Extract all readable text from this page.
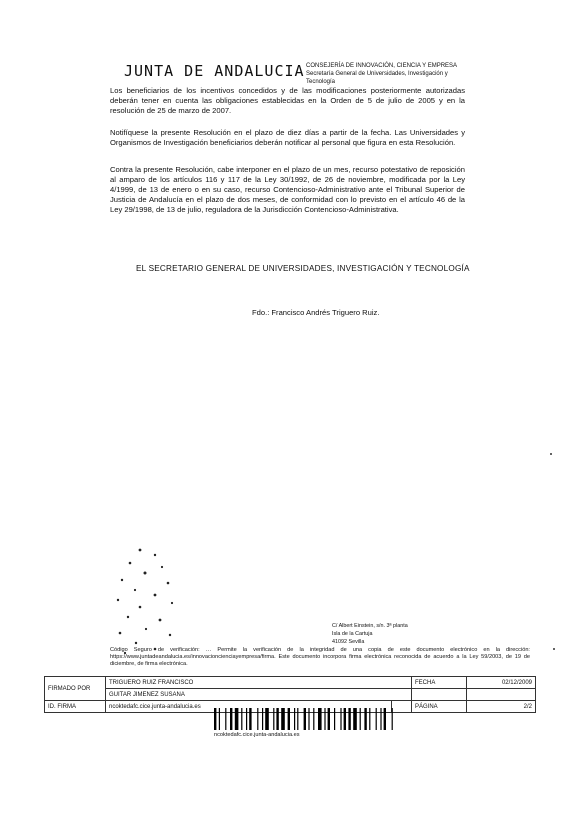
JUNTA DE ANDALUCIA CONSEJERÍA DE INNOVACIÓN, CIENCIA Y EMPRESA
Secretaría General de Universidades, Investigación y
Tecnología

Los beneficiarios de los incentivos concedidos y de las modificaciones posteriormente autorizadas deberán tener en cuenta las obligaciones establecidas en la Orden de 5 de julio de 2005 y en la resolución de 25 de marzo de 2007.

Notifíquese la presente Resolución en el plazo de diez días a partir de la fecha. Las Universidades y Organismos de Investigación beneficiarios deberán notificar al personal que figura en esta Resolución.

Contra la presente Resolución, cabe interponer en el plazo de un mes, recurso potestativo de reposición al amparo de los artículos 116 y 117 de la Ley 30/1992, de 26 de noviembre, modificada por la Ley 4/1999, de 13 de enero o en su caso, recurso Contencioso-Administrativo ante el Tribunal Superior de Justicia de Andalucía en el plazo de dos meses, de conformidad con lo previsto en el artículo 46 de la Ley 29/1998, de 13 de julio, reguladora de la Jurisdicción Contencioso-Administrativa.

EL SECRETARIO GENERAL DE UNIVERSIDADES, INVESTIGACIÓN Y TECNOLOGÍA
Fdo.: Francisco Andrés Triguero Ruiz.
C/ Albert Einstein, s/n. 3ª planta
Isla de la Cartuja
41092 Sevilla
Código Seguro de verificación: … Permite la verificación de la integridad de una copia de este documento electrónico en la dirección: https://www.juntadeandalucia.es/innovacioncienciayempresa/firma. Este documento incorpora firma electrónica reconocida de acuerdo a la Ley 59/2003, de 19 de diciembre, de firma electrónica.
FIRMADO POR	TRIGUERO RUIZ FRANCISCO		FECHA	02/12/2009
	GUITAR JIMENEZ SUSANA			
ID. FIRMA	ncoktedafc.cice.junta-andalucia.es		PÁGINA	2/2
ncoktedafc.cice.junta-andalucia.es
